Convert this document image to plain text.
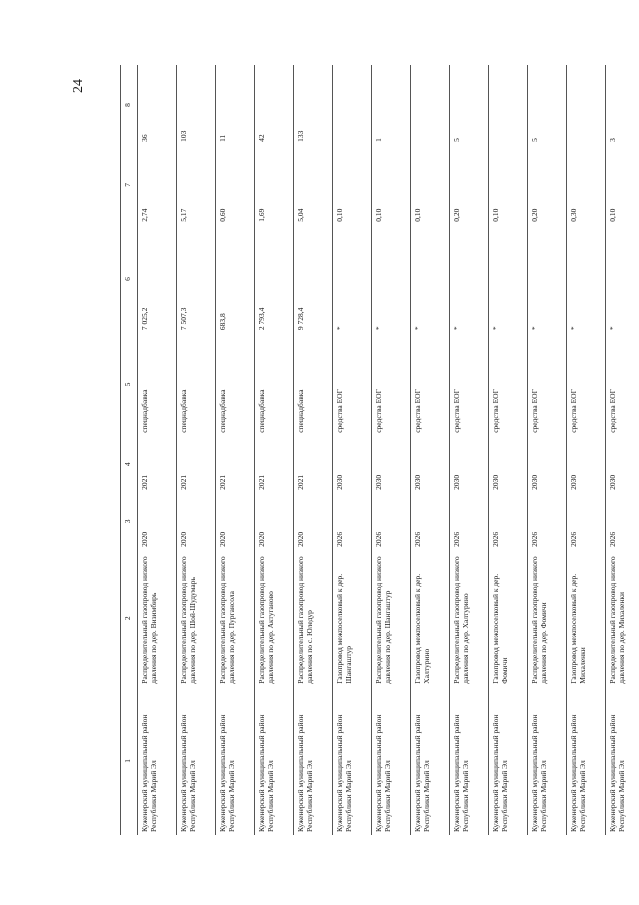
24
1	2	3	4	5	6	7	8
Куженерский муниципальный район Республики Марий Эл	Распределительный газопровод низкого давления по дер. Визимбирь	2020	2021	спецнадбавка	7 025,2	2,74	36
Куженерский муниципальный район Республики Марий Эл	Распределительный газопровод низкого давления по дер. Шой-Шудумарь	2020	2021	спецнадбавка	7 507,3	5,17	103
Куженерский муниципальный район Республики Марий Эл	Распределительный газопровод низкого давления по дер. Пургансола	2020	2021	спецнадбавка	683,8	0,60	11
Куженерский муниципальный район Республики Марий Эл	Распределительный газопровод низкого давления по дер. Актуганово	2020	2021	спецнадбавка	2 793,4	1,69	42
Куженерский муниципальный район Республики Марий Эл	Распределительный газопровод низкого давления по с. Юледур	2020	2021	спецнадбавка	9 728,4	5,04	133
Куженерский муниципальный район Республики Марий Эл	Газопровод межпоселковый к дер. Шангаштур	2026	2030	средства ЕОГ	*	0,10	
Куженерский муниципальный район Республики Марий Эл	Распределительный газопровод низкого давления по дер. Шангаштур	2026	2030	средства ЕОГ	*	0,10	1
Куженерский муниципальный район Республики Марий Эл	Газопровод межпоселковый к дер. Халтурино	2026	2030	средства ЕОГ	*	0,10	
Куженерский муниципальный район Республики Марий Эл	Распределительный газопровод низкого давления по дер. Халтурино	2026	2030	средства ЕОГ	*	0,20	5
Куженерский муниципальный район Республики Марий Эл	Газопровод межпоселковый к дер. Фомичи	2026	2030	средства ЕОГ	*	0,10	
Куженерский муниципальный район Республики Марий Эл	Распределительный газопровод низкого давления по дер. Фомичи	2026	2030	средства ЕОГ	*	0,20	5
Куженерский муниципальный район Республики Марий Эл	Газопровод межпоселковый к дер. Михаленки	2026	2030	средства ЕОГ	*	0,30	
Куженерский муниципальный район Республики Марий Эл	Распределительный газопровод низкого давления по дер. Михаленки	2026	2030	средства ЕОГ	*	0,10	3
